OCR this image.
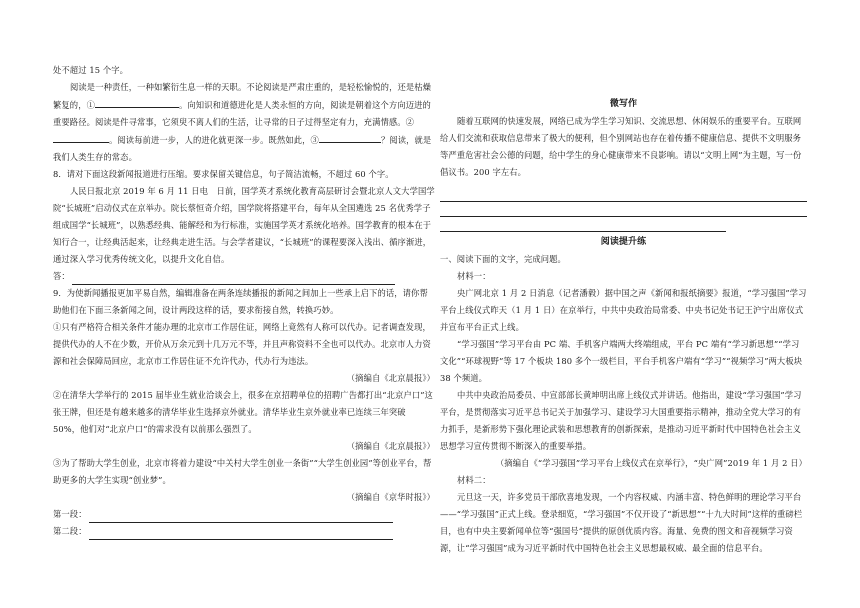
处不超过 15 个字。

阅读是一种责任，一种如繁衍生息一样的天职。不论阅读是严肃庄重的，是轻松愉悦的，还是枯燥繁复的，①	。向知识和道德进化是人类永恒的方向，阅读是朝着这个方向迈进的重要路径。阅读是件寻常事，它须臾不离人们的生活，让寻常的日子过得坚定有力，充满情感。②。阅读每前进一步，人的进化就更深一步。既然如此，③	？阅读，就是我们人类生存的常态。

8．请对下面这段新闻报道进行压缩。要求保留关键信息，句子简洁流畅，不超过 60 个字。

人民日报北京 2019 年 6 月 11 日电　日前，国学英才系统化教育高层研讨会暨北京人文大学国学院“长城班”启动仪式在京举办。院长蔡恒奇介绍，国学院将搭建平台，每年从全国遴选 25 名优秀学子组成国学“长城班”，以熟悉经典、能解经和为行标准，实施国学英才系统化培养。国学教育的根本在于知行合一，让经典活起来，让经典走进生活。与会学者建议，“长城班”的课程要深入浅出、循序渐进，通过深入学习优秀传统文化，以提升文化自信。

答：

9．为使新闻播报更加平易自然，编辑准备在两条连续播报的新闻之间加上一些承上启下的话，请你帮助他们在下面三条新闻之间，设计两段这样的话，要求衔接自然，转换巧妙。

①只有严格符合相关条件才能办理的北京市工作居住证，网络上竟然有人称可以代办。记者调查发现，提供代办的人不在少数，开价从万余元到十几万元不等，并且声称资料不全也可以代办。北京市人力资源和社会保障局回应，北京市工作居住证不允许代办，代办行为违法。

（摘编自《北京晨报》）

②在清华大学举行的 2015 届毕业生就业洽谈会上，很多在京招聘单位的招聘广告都打出“北京户口”这张王牌，但还是有越来越多的清华毕业生选择京外就业。清华毕业生京外就业率已连续三年突破 50%，他们对“北京户口”的需求没有以前那么强烈了。

（摘编自《北京晨报》）

③为了帮助大学生创业，北京市将着力建设“中关村大学生创业一条街”“大学生创业园”等创业平台，帮助更多的大学生实现“创业梦”。

（摘编自《京华时报》）

第一段：
第二段：

微写作

随着互联网的快速发展，网络已成为学生学习知识、交流思想、休闲娱乐的重要平台。互联网给人们交流和获取信息带来了极大的便利，但个别网站也存在着传播不健康信息、提供不文明服务等严重危害社会公德的问题，给中学生的身心健康带来不良影响。请以“文明上网”为主题，写一份倡议书。200 字左右。

阅读提升练

一、阅读下面的文字，完成问题。

材料一：

央广网北京 1 月 2 日消息（记者潘毅）据中国之声《新闻和报纸摘要》报道，“学习强国”学习平台上线仪式昨天（1 月 1 日）在京举行，中共中央政治局常委、中央书记处书记王沪宁出席仪式并宣布平台正式上线。

“学习强国”学习平台由 PC 端、手机客户端两大终端组成，平台 PC 端有“学习新思想”“学习文化”“环球视野”等 17 个板块 180 多个一级栏目，平台手机客户端有“学习”“视频学习”两大板块 38 个频道。

中共中央政治局委员、中宣部部长黄坤明出席上线仪式并讲话。他指出，建设“学习强国”学习平台，是贯彻落实习近平总书记关于加强学习、建设学习大国重要指示精神，推动全党大学习的有力抓手，是新形势下强化理论武装和思想教育的创新探索，是推动习近平新时代中国特色社会主义思想学习宣传贯彻不断深入的重要举措。

（摘编自《“学习强国”学习平台上线仪式在京举行》，“央广网”2019 年 1 月 2 日）

材料二：

元旦这一天，许多党员干部欣喜地发现，一个内容权威、内涵丰富、特色鲜明的理论学习平台——“学习强国”正式上线。登录细览，“学习强国”不仅开设了“新思想”“十九大时间”这样的重磅栏目，也有中央主要新闻单位等“强国号”提供的原创优质内容。海量、免费的图文和音视频学习资源，让“学习强国”成为习近平新时代中国特色社会主义思想最权威、最全面的信息平台。
